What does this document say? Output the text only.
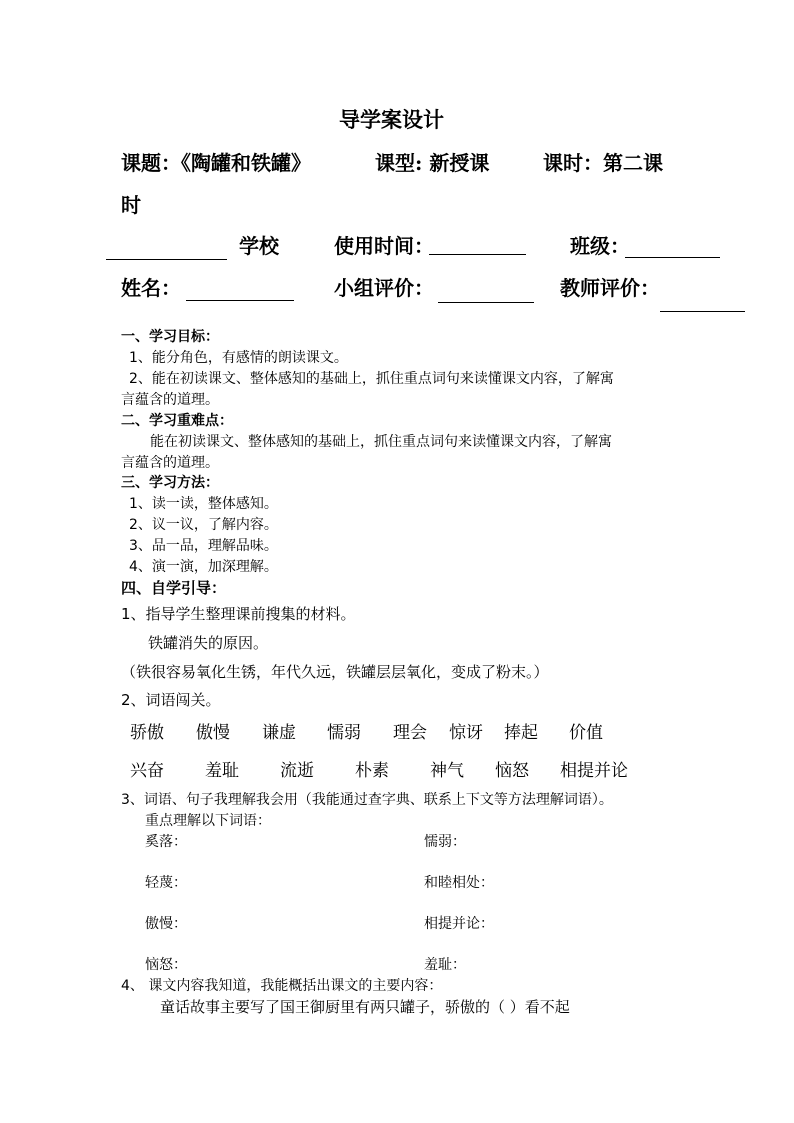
导学案设计
课题：《陶罐和铁罐》	课型: 新授课	课时：第二课
时
学校	使用时间：	班级：
姓名：	小组评价：	教师评价：
一、学习目标：
1、能分角色，有感情的朗读课文。
2、能在初读课文、整体感知的基础上，抓住重点词句来读懂课文内容，了解寓
言蕴含的道理。
二、学习重难点：
能在初读课文、整体感知的基础上，抓住重点词句来读懂课文内容，了解寓
言蕴含的道理。
三、学习方法：
1、读一读，整体感知。
2、议一议，了解内容。
3、品一品，理解品味。
4、演一演，加深理解。
四、自学引导：
1、指导学生整理课前搜集的材料。
铁罐消失的原因。
（铁很容易氧化生锈，年代久远，铁罐层层氧化，变成了粉末。）
2、词语闯关。
骄傲 傲慢 谦虚 懦弱 理会 惊讶 捧起 价值
兴奋 羞耻 流逝 朴素 神气 恼怒 相提并论
3、词语、句子我理解我会用（我能通过查字典、联系上下文等方法理解词语）。
重点理解以下词语：
奚落：	懦弱：
轻蔑：	和睦相处：
傲慢：	相提并论：
恼怒：	羞耻：
4、 课文内容我知道，我能概括出课文的主要内容：
童话故事主要写了国王御厨里有两只罐子，骄傲的（ ）看不起
